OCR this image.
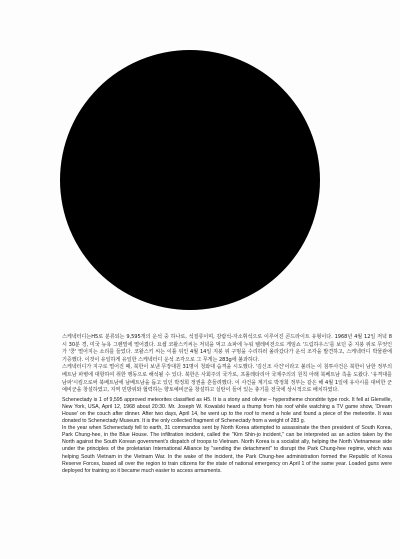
스케넥터디는H5로 분류되는 9,595개의 운석 중 하나로, 석질류이며, 감람석-자소휘석으로 이루어진 콘드라이트 유형이다. 1968년 4월 12일 저녁 8시 30분 경, 미국 뉴욕 그렌빌에 떨어졌다. 요셉 코왈스키씨는 저녁을 먹고 쇼파에 누워 텔레비전으로 게임쇼 '드림하우스'를 보던 중 지붕 위로 무엇인가 '쿵' 떨어지는 소리를 들었다. 코왈스키 씨는 이틀 뒤인 4월 14일 지붕 위 구멍을 수리하러 올라갔다가 운석 조각을 발견하고, 스케넥터디 박물관에 기증했다. 이것이 유일하게 유일한 스케넥터디 운석 조각으로 그 무게는 283g에 불과하다.
스케넥터디가 지구로 떨어진 때, 북한이 보낸 무장대원 31명이 청와대 습격을 시도했다. '김신조 사건'이라고 불리는 이 침투사건은 북한이 남한 정부의 베트남 파병에 대항하여 취한 행동으로 해석될 수 있다. 북한은 사회주의 국가로, 프롤레타리아 국제주의의 원칙 아래 북베트남 측을 도왔다. '유격대를 남파'시킴으로써 북베트남에 남베트남을 돕고 있던 박정희 정권을 흔들려했다. 이 사건을 계기로 박정희 정부는 같은 해 4월 1일에 유사시를 대비한 군예비군을 창설하였고, 지역 민방위와 협력하는 향토예비군을 창설하고 실탄이 들어 있는 총기를 전국에 상시적으로 배치하였다.

Schenectady is 1 of 9,595 approved meteorites classified as H5. It is a stony and olivine – hyperstheme chondrite type rock. It fell at Glenville, New York, USA, April 12, 1968 about 20:30. Mr. Joseph W. Kowalski heard a thump from his roof while watching a TV game show, 'Dream House' on the couch after dinner. After two days, April 14, he went up to the roof to mend a hole and found a piece of the meteorite. It was donated to Schenectady Museum. It is the only collected fragment of Schenectady from a weight of 283 g.
In the year when Schenectady fell to earth, 31 commandos sent by North Korea attempted to assassinate the then president of South Korea, Park Chung-hee, in the Blue House. The infiltration incident, called the "Kim Shin-jo incident," can be interpreted as an action taken by the North against the South Korean government's dispatch of troops to Vietnam. North Korea is a socialist ally, helping the North Vietnamese side under the principles of the proletarian International Alliance by "sending the detachment" to disrupt the Park Chung-hee regime, which was helping South Vietnam in the Vietnam War. In the wake of the incident, the Park Chung-hee administration formed the Republic of Korea Reserve Forces, based all over the region to train citizens for the state of national emergency on April 1 of the same year. Loaded guns were deployed for training so it became much easier to access armaments.
